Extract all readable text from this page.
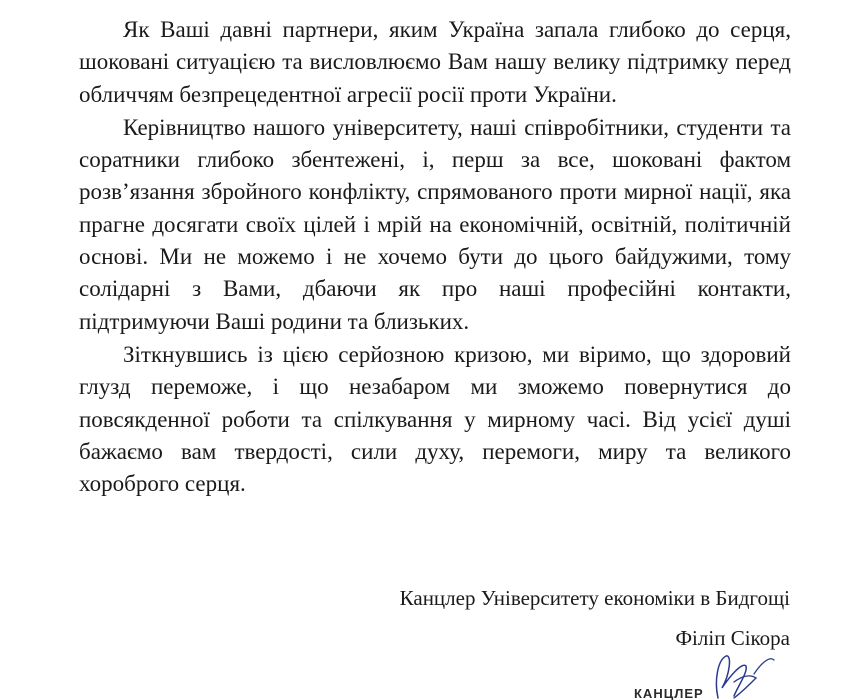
Як Ваші давні партнери, яким Україна запала глибоко до серця, шоковані ситуацією та висловлюємо Вам нашу велику підтримку перед обличчям безпрецедентної агресії росії проти України.

Керівництво нашого університету, наші співробітники, студенти та соратники глибоко збентежені, і, перш за все, шоковані фактом розв’язання збройного конфлікту, спрямованого проти мирної нації, яка прагне досягати своїх цілей і мрій на економічній, освітній, політичній основі. Ми не можемо і не хочемо бути до цього байдужими, тому солідарні з Вами, дбаючи як про наші професійні контакти, підтримуючи Ваші родини та близьких.

Зіткнувшись із цією серйозною кризою, ми віримо, що здоровий глузд переможе, і що незабаром ми зможемо повернутися до повсякденної роботи та спілкування у мирному часі. Від усієї душі бажаємо вам твердості, сили духу, перемоги, миру та великого хороброго серця.

Канцлер Університету економіки в Бидгощі
Філіп Сікора
КАНЦЛЕР
